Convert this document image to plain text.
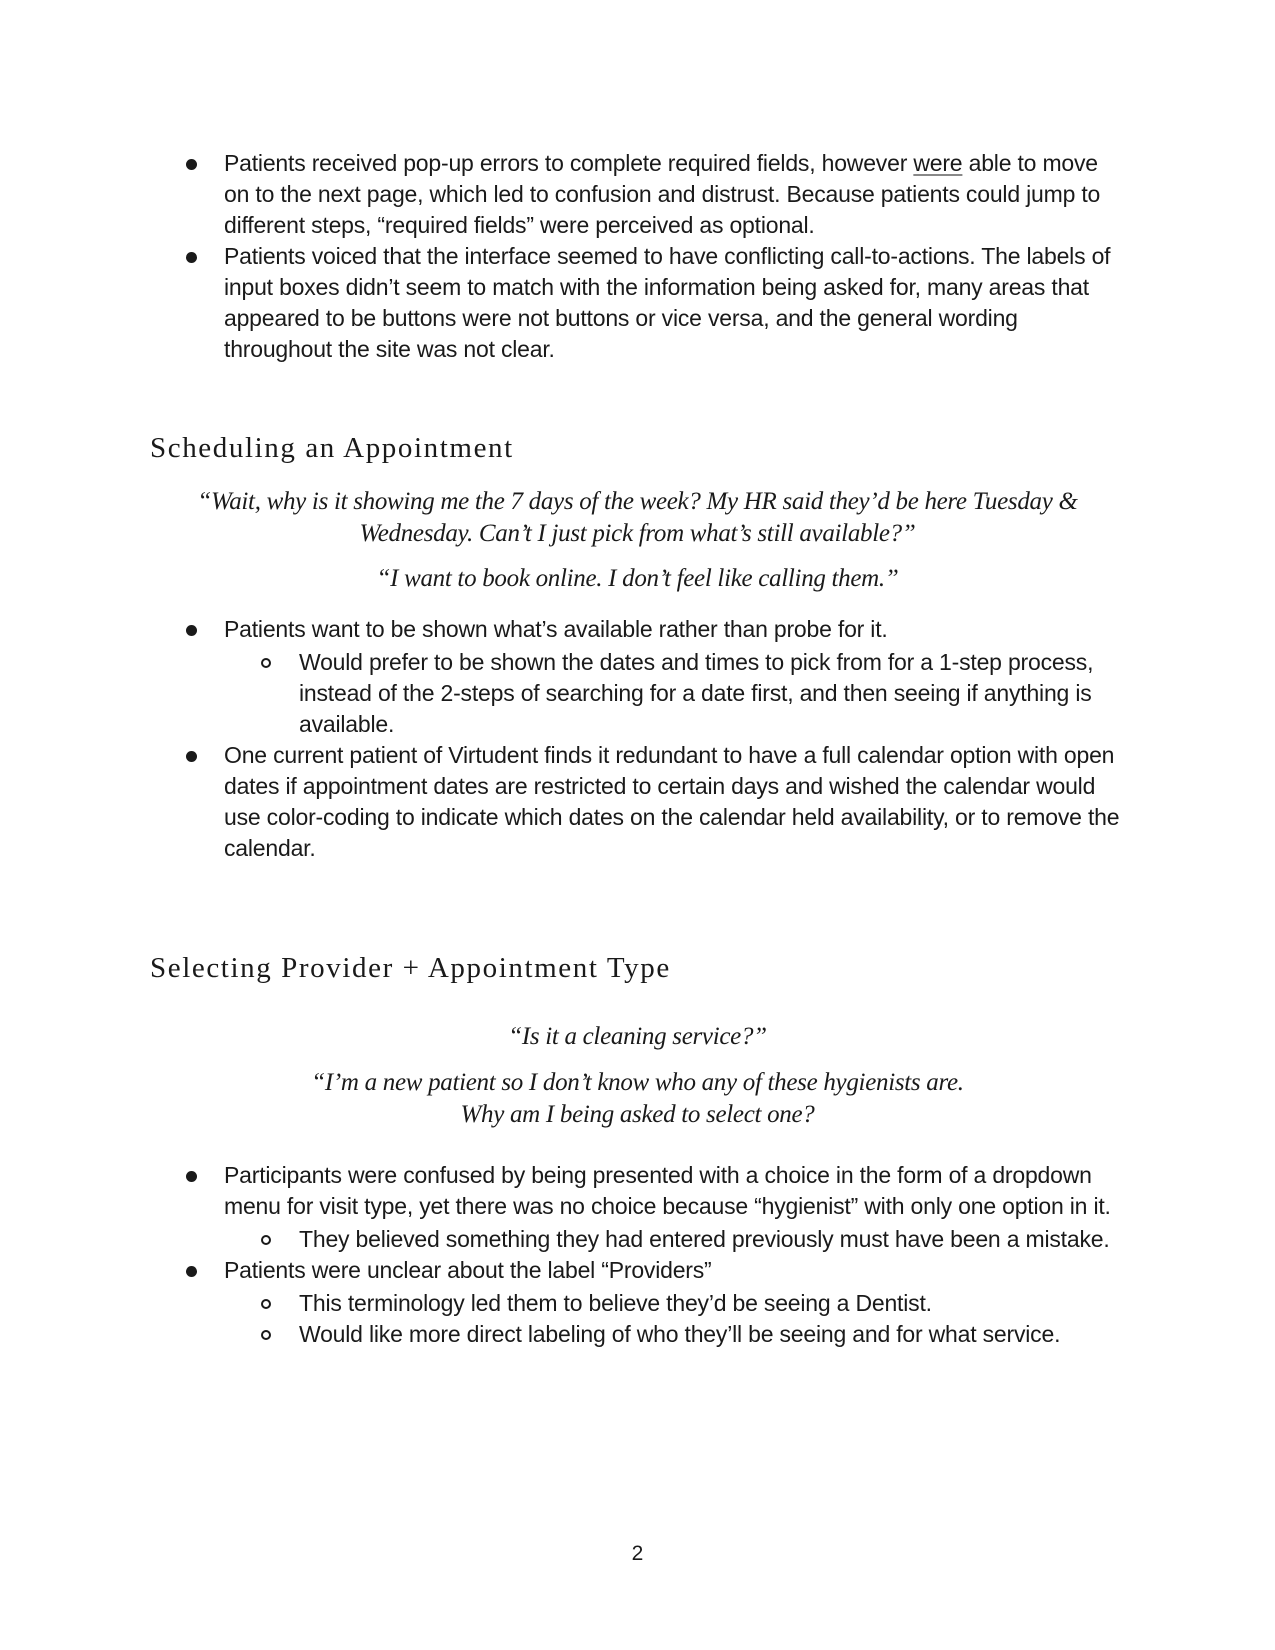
Patients received pop-up errors to complete required fields, however were able to move on to the next page, which led to confusion and distrust. Because patients could jump to different steps, “required fields” were perceived as optional.
Patients voiced that the interface seemed to have conflicting call-to-actions. The labels of input boxes didn’t seem to match with the information being asked for, many areas that appeared to be buttons were not buttons or vice versa, and the general wording throughout the site was not clear.
Scheduling an Appointment

“Wait, why is it showing me the 7 days of the week? My HR said they’d be here Tuesday &
Wednesday. Can’t I just pick from what’s still available?”

“I want to book online. I don’t feel like calling them.”

Patients want to be shown what’s available rather than probe for it.
Would prefer to be shown the dates and times to pick from for a 1-step process, instead of the 2-steps of searching for a date first, and then seeing if anything is available.
One current patient of Virtudent finds it redundant to have a full calendar option with open dates if appointment dates are restricted to certain days and wished the calendar would use color-coding to indicate which dates on the calendar held availability, or to remove the calendar.
Selecting Provider + Appointment Type

“Is it a cleaning service?”

“I’m a new patient so I don’t know who any of these hygienists are.
Why am I being asked to select one?

Participants were confused by being presented with a choice in the form of a dropdown menu for visit type, yet there was no choice because “hygienist” with only one option in it.
They believed something they had entered previously must have been a mistake.
Patients were unclear about the label “Providers”
This terminology led them to believe they’d be seeing a Dentist.
Would like more direct labeling of who they’ll be seeing and for what service.
2
